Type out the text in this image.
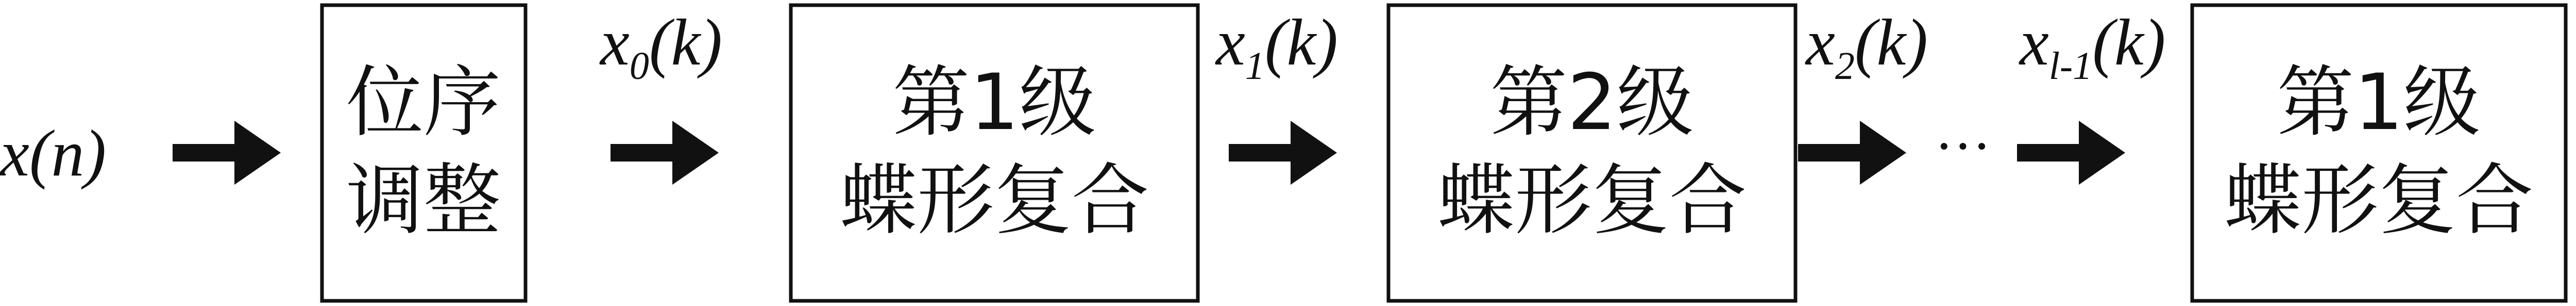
x(n)
位序
调整
$x_0(k)$
第1级
蝶形复合
$x_1(k)$
第2级
蝶形复合
$x_2(k)$
···
$x_{l-1}(k)$
第1级
蝶形复合
